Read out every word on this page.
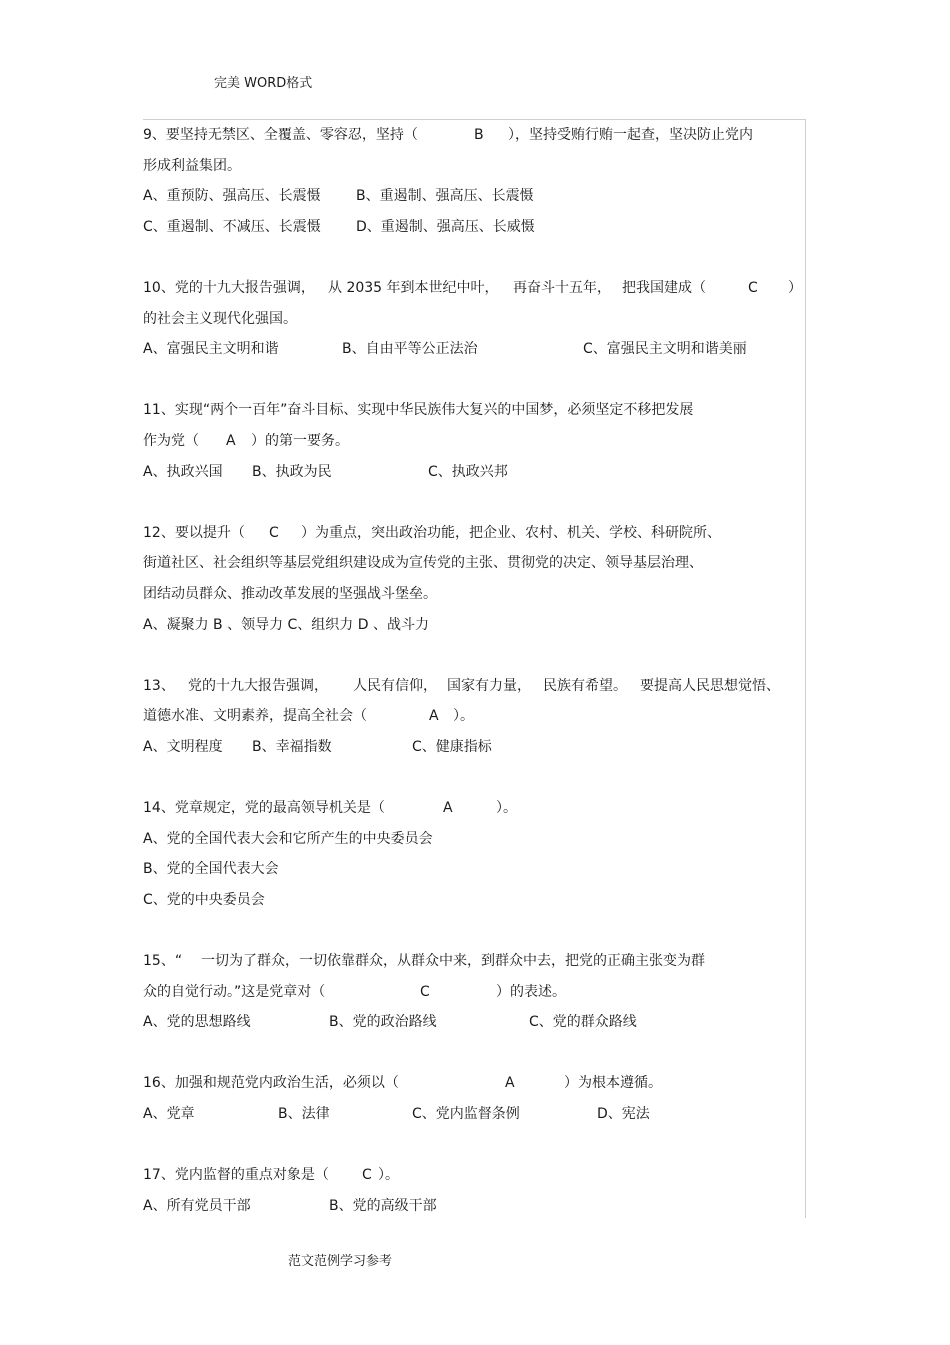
完美 WORD格式
9、要坚持无禁区、全覆盖、零容忍，坚持（	B ），坚持受贿行贿一起查，坚决防止党内
形成利益集团。
A、重预防、强高压、长震慑	B、重遏制、强高压、长震慑
C、重遏制、不减压、长震慑	D、重遏制、强高压、长威慑
10、党的十九大报告强调， 从 2035 年到本世纪中叶， 再奋斗十五年， 把我国建成（	C ）
的社会主义现代化强国。
A、富强民主文明和谐	B、自由平等公正法治	C、富强民主文明和谐美丽
11、实现“两个一百年”奋斗目标、实现中华民族伟大复兴的中国梦，必须坚定不移把发展
作为党（ A ）的第一要务。
A、执政兴国 B、执政为民	C、执政兴邦
12、要以提升（ C ）为重点，突出政治功能，把企业、农村、机关、学校、科研院所、
街道社区、社会组织等基层党组织建设成为宣传党的主张、贯彻党的决定、领导基层治理、
团结动员群众、推动改革发展的坚强战斗堡垒。
A、凝聚力 B 、领导力 C、组织力 D 、战斗力
13、 党的十九大报告强调， 人民有信仰， 国家有力量， 民族有希望。 要提高人民思想觉悟、
道德水准、文明素养，提高全社会（	A ）。
A、文明程度 B、幸福指数	C、健康指标
14、党章规定，党的最高领导机关是（	A	）。
A、党的全国代表大会和它所产生的中央委员会
B、党的全国代表大会
C、党的中央委员会
15、“ 一切为了群众，一切依靠群众，从群众中来，到群众中去，把党的正确主张变为群
众的自觉行动。”这是党章对（	C	）的表述。
A、党的思想路线	B、党的政治路线	C、党的群众路线
16、加强和规范党内政治生活，必须以（	A	）为根本遵循。
A、党章	B、法律	C、党内监督条例	D、宪法
17、党内监督的重点对象是（ C ）。
A、所有党员干部	B、党的高级干部
范文范例学习参考
